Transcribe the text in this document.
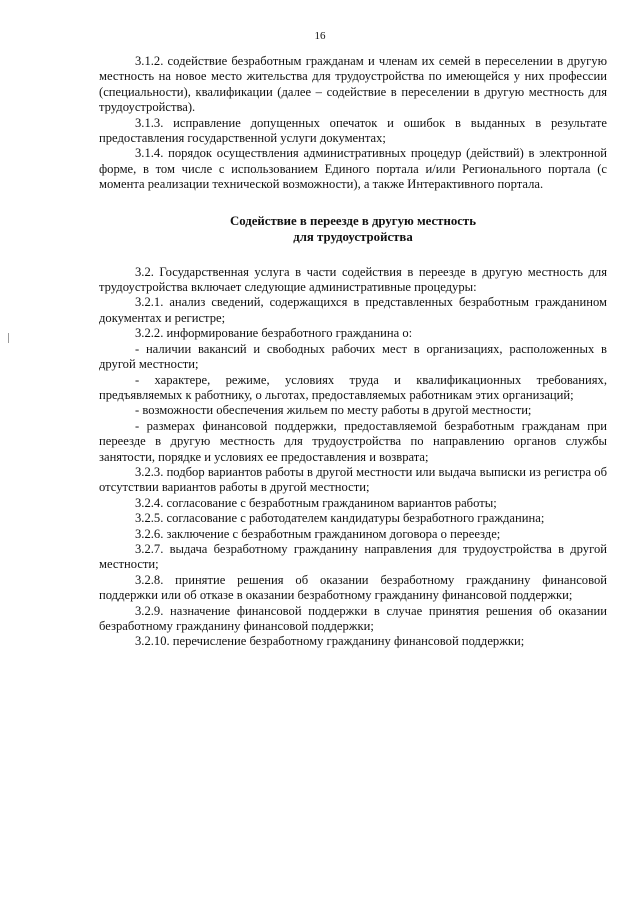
16

3.1.2. содействие безработным гражданам и членам их семей в переселении в другую местность на новое место жительства для трудоустройства по имеющейся у них профессии (специальности), квалификации (далее – содействие в переселении в другую местность для трудоустройства).

3.1.3. исправление допущенных опечаток и ошибок в выданных в результате предоставления государственной услуги документах;

3.1.4. порядок осуществления административных процедур (действий) в электронной форме, в том числе с использованием Единого портала и/или Регионального портала (с момента реализации технической возможности), а также Интерактивного портала.

Содействие в переезде в другую местность
для трудоустройства

3.2. Государственная услуга в части содействия в переезде в другую местность для трудоустройства включает следующие административные процедуры:

3.2.1. анализ сведений, содержащихся в представленных безработным гражданином документах и регистре;

3.2.2. информирование безработного гражданина о:

- наличии вакансий и свободных рабочих мест в организациях, расположенных в другой местности;

- характере, режиме, условиях труда и квалификационных требованиях, предъявляемых к работнику, о льготах, предоставляемых работникам этих организаций;

- возможности обеспечения жильем по месту работы в другой местности;

- размерах финансовой поддержки, предоставляемой безработным гражданам при переезде в другую местность для трудоустройства по направлению органов службы занятости, порядке и условиях ее предоставления и возврата;

3.2.3. подбор вариантов работы в другой местности или выдача выписки из регистра об отсутствии вариантов работы в другой местности;

3.2.4. согласование с безработным гражданином вариантов работы;

3.2.5. согласование с работодателем кандидатуры безработного гражданина;

3.2.6. заключение с безработным гражданином договора о переезде;

3.2.7. выдача безработному гражданину направления для трудоустройства в другой местности;

3.2.8. принятие решения об оказании безработному гражданину финансовой поддержки или об отказе в оказании безработному гражданину финансовой поддержки;

3.2.9. назначение финансовой поддержки в случае принятия решения об оказании безработному гражданину финансовой поддержки;

3.2.10. перечисление безработному гражданину финансовой поддержки;
